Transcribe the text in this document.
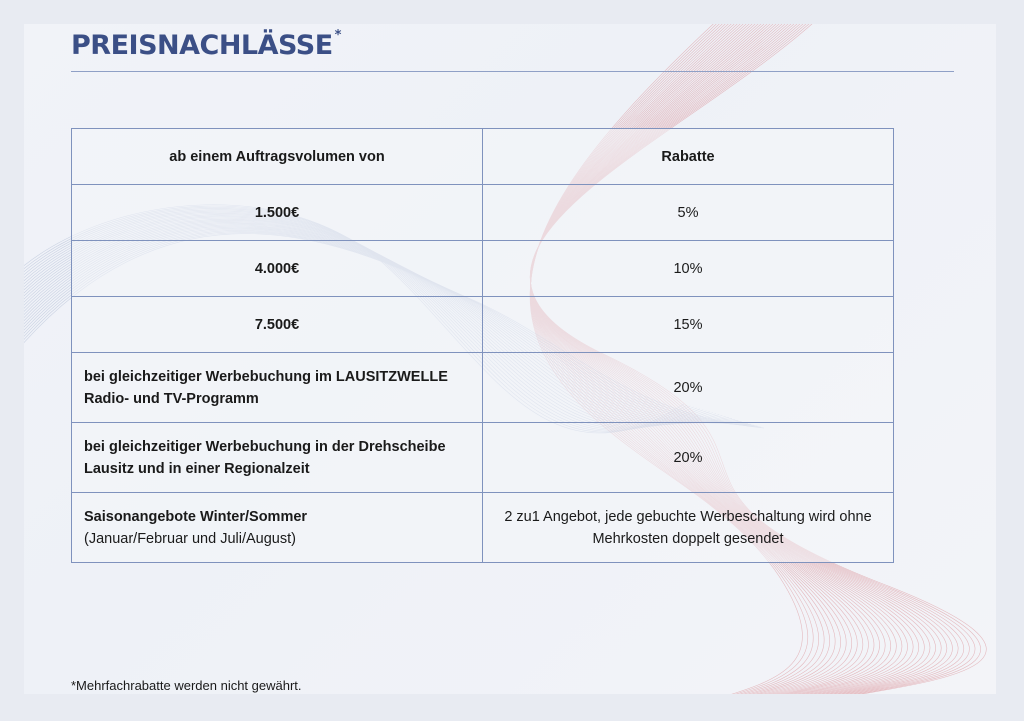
PREISNACHLÄSSE *
ab einem Auftragsvolumen von	Rabatte
1.500€	5%
4.000€	10%
7.500€	15%
bei gleichzeitiger Werbebuchung im LAUSITZWELLE Radio- und TV-Programm	20%
bei gleichzeitiger Werbebuchung in der Drehscheibe Lausitz und in einer Regionalzeit	20%
Saisonangebote Winter/Sommer
(Januar/Februar und Juli/August)	2 zu1 Angebot, jede gebuchte Werbeschaltung wird ohne Mehrkosten doppelt gesendet
*Mehrfachrabatte werden nicht gewährt.
